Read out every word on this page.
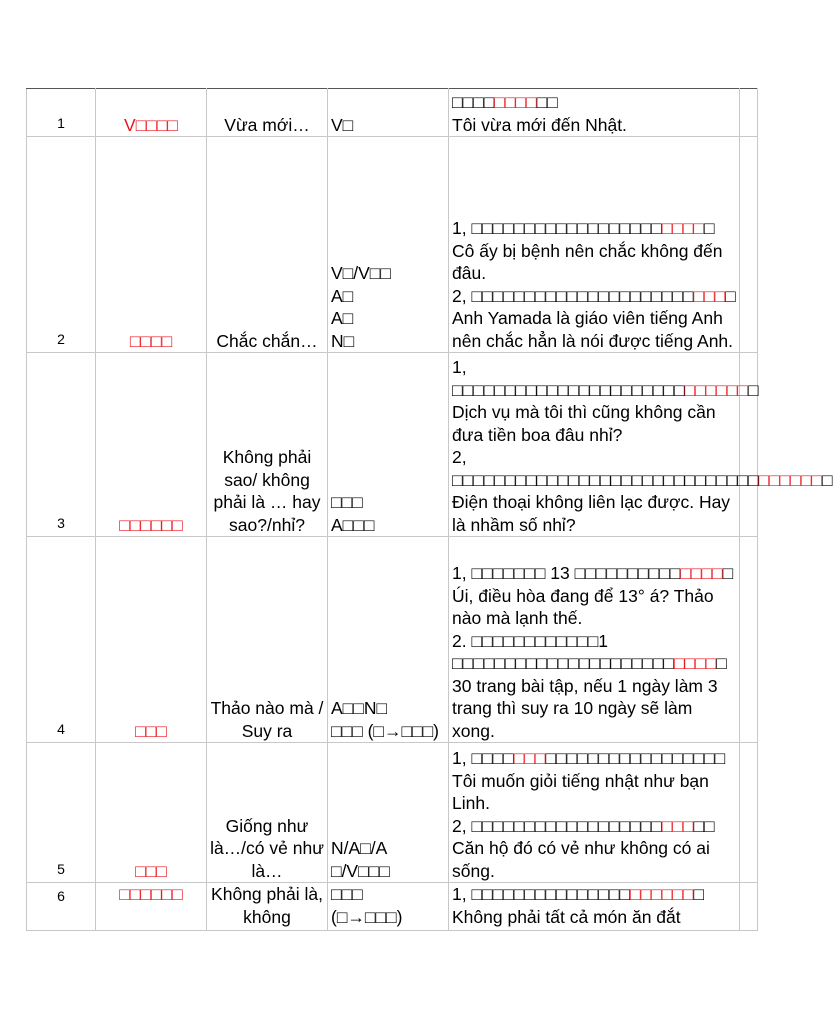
1	V□□□□	Vừa mới…	V□	□□□□□□□□□□
Tôi vừa mới đến Nhật.	

2	□□□□	Chắc chắn…	V□/V□□
A□
A□
N□	1, □□□□□□□□□□□□□□□□□□□□□□□
Cô ấy bị bệnh nên chắc không đến đâu.
2, □□□□□□□□□□□□□□□□□□□□□□□□□
Anh Yamada là giáo viên tiếng Anh nên chắc hẳn là nói được tiếng Anh.	

3	□□□□□□	Không phải sao/ không phải là … hay sao?/nhỉ?	□□□
A□□□	1, □□□□□□□□□□□□□□□□□□□□□□□□□□□□□
Dịch vụ mà tôi thì cũng không cần đưa tiền boa đâu nhỉ?
2, □□□□□□□□□□□□□□□□□□□□□□□□□□□□□□□□□□□□
Điện thoại không liên lạc được. Hay là nhầm số nhỉ?	

4	□□□	Thảo nào mà / Suy ra	A□□N□
□□□ (□→□□□)	1, □□□□□□□ 13 □□□□□□□□□□□□□□□
Úi, điều hòa đang để 13° á? Thảo nào mà lạnh thế.
2. □□□□□□□□□□□□1 □□□□□□□□□□□□□□□□□□□□□□□□□□
30 trang bài tập, nếu 1 ngày làm 3 trang thì suy ra 10 ngày sẽ làm xong.	

5	□□□	Giống như là…/có vẻ như là…	N/A□/A
□/V□□□	1, □□□□□□□□□□□□□□□□□□□□□□□□
Tôi muốn giỏi tiếng nhật như bạn Linh.
2, □□□□□□□□□□□□□□□□□□□□□□□
Căn hộ đó có vẻ như không có ai sống.	

6	□□□□□□	Không phải là, không	□□□
(□→□□□)	1, □□□□□□□□□□□□□□□□□□□□□□
Không phải tất cả món ăn đắt	
